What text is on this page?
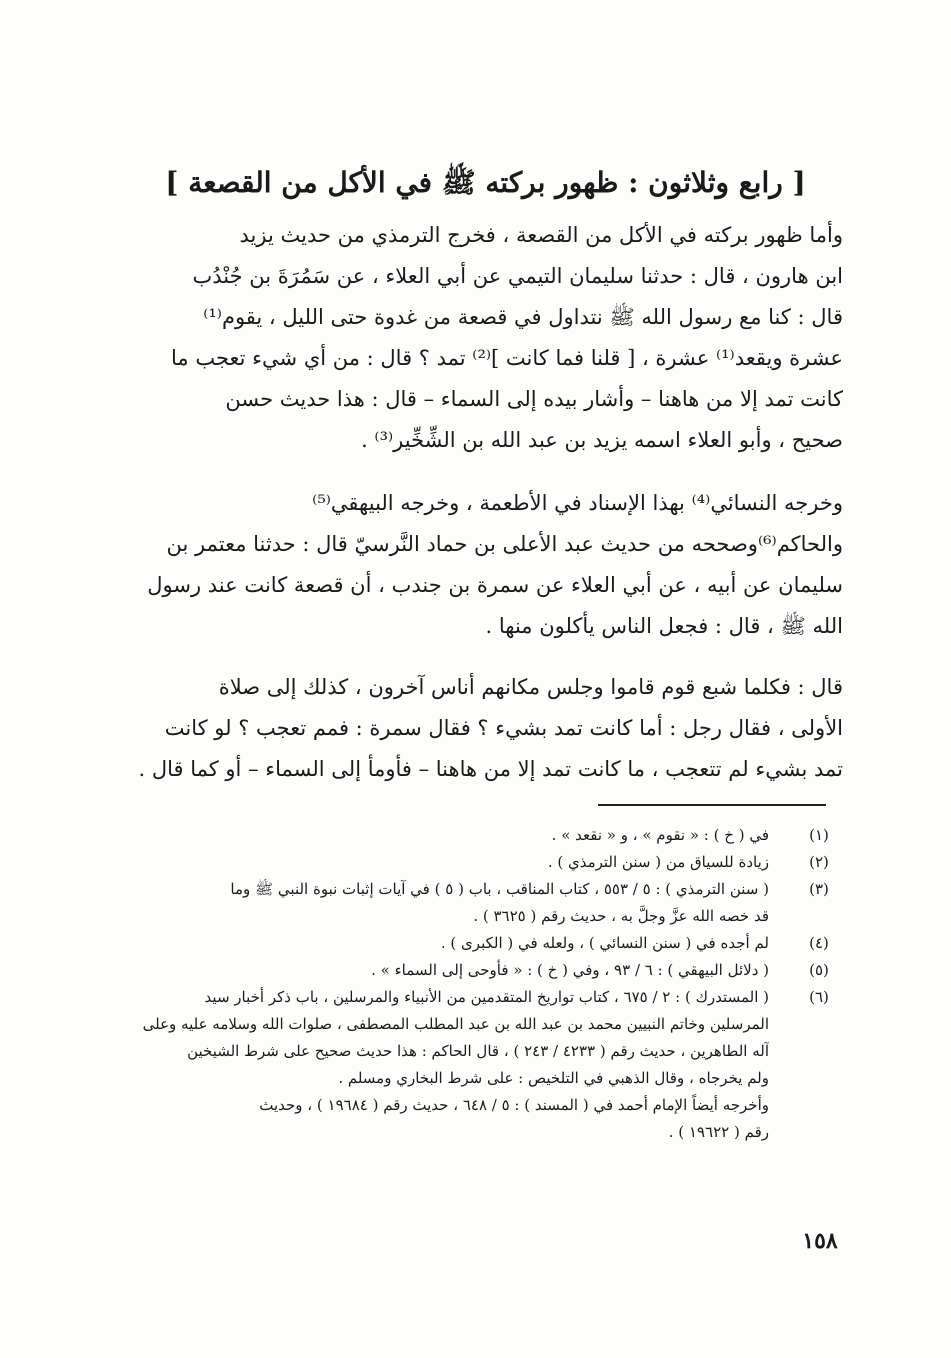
[ رابع وثلاثون : ظهور بركته ﷺ في الأكل من القصعة ]
وأما ظهور بركته في الأكل من القصعة ، فخرج الترمذي من حديث يزيد
ابن هارون ، قال : حدثنا سليمان التيمي عن أبي العلاء ، عن سَمُرَةَ بن جُنْدُب
قال : كنا مع رسول الله ﷺ نتداول في قصعة من غدوة حتى الليل ، يقوم⁽¹⁾
عشرة ويقعد⁽¹⁾ عشرة ، [ قلنا فما كانت ]⁽²⁾ تمد ؟ قال : من أي شيء تعجب ما
كانت تمد إلا من هاهنا – وأشار بيده إلى السماء – قال : هذا حديث حسن
صحيح ، وأبو العلاء اسمه يزيد بن عبد الله بن الشِّخِّير⁽³⁾ .
وخرجه النسائي⁽⁴⁾ بهذا الإسناد في الأطعمة ، وخرجه البيهقي⁽⁵⁾
والحاكم⁽⁶⁾وصححه من حديث عبد الأعلى بن حماد النَّرسيّ قال : حدثنا معتمر بن
سليمان عن أبيه ، عن أبي العلاء عن سمرة بن جندب ، أن قصعة كانت عند رسول
الله ﷺ ، قال : فجعل الناس يأكلون منها .
قال : فكلما شبع قوم قاموا وجلس مكانهم أناس آخرون ، كذلك إلى صلاة
الأولى ، فقال رجل : أما كانت تمد بشيء ؟ فقال سمرة : فمم تعجب ؟ لو كانت
تمد بشيء لم تتعجب ، ما كانت تمد إلا من هاهنا – فأومأ إلى السماء – أو كما قال .
(١)
في ( خ ) : « نقوم » ، و « نقعد » .
(٢)
زيادة للسياق من ( سنن الترمذي ) .
(٣)
( سنن الترمذي ) : ٥ / ٥٥٣ ، كتاب المناقب ، باب ( ٥ ) في آيات إثبات نبوة النبي ﷺ وما
قد خصه الله عزَّ وجلَّ به ، حديث رقم ( ٣٦٢٥ ) .
(٤)
لم أجده في ( سنن النسائي ) ، ولعله في ( الكبرى ) .
(٥)
( دلائل البيهقي ) : ٦ / ٩٣ ، وفي ( خ ) : « فأوحى إلى السماء » .
(٦)
( المستدرك ) : ٢ / ٦٧٥ ، كتاب تواريخ المتقدمين من الأنبياء والمرسلين ، باب ذكر أخبار سيد
المرسلين وخاتم النبيين محمد بن عبد الله بن عبد المطلب المصطفى ، صلوات الله وسلامه عليه وعلى
آله الطاهرين ، حديث رقم ( ٤٢٣٣ / ٢٤٣ ) ، قال الحاكم : هذا حديث صحيح على شرط الشيخين
ولم يخرجاه ، وقال الذهبي في التلخيص : على شرط البخاري ومسلم .
وأخرجه أيضاً الإمام أحمد في ( المسند ) : ٥ / ٦٤٨ ، حديث رقم ( ١٩٦٨٤ ) ، وحديث
رقم ( ١٩٦٢٢ ) .
١٥٨
